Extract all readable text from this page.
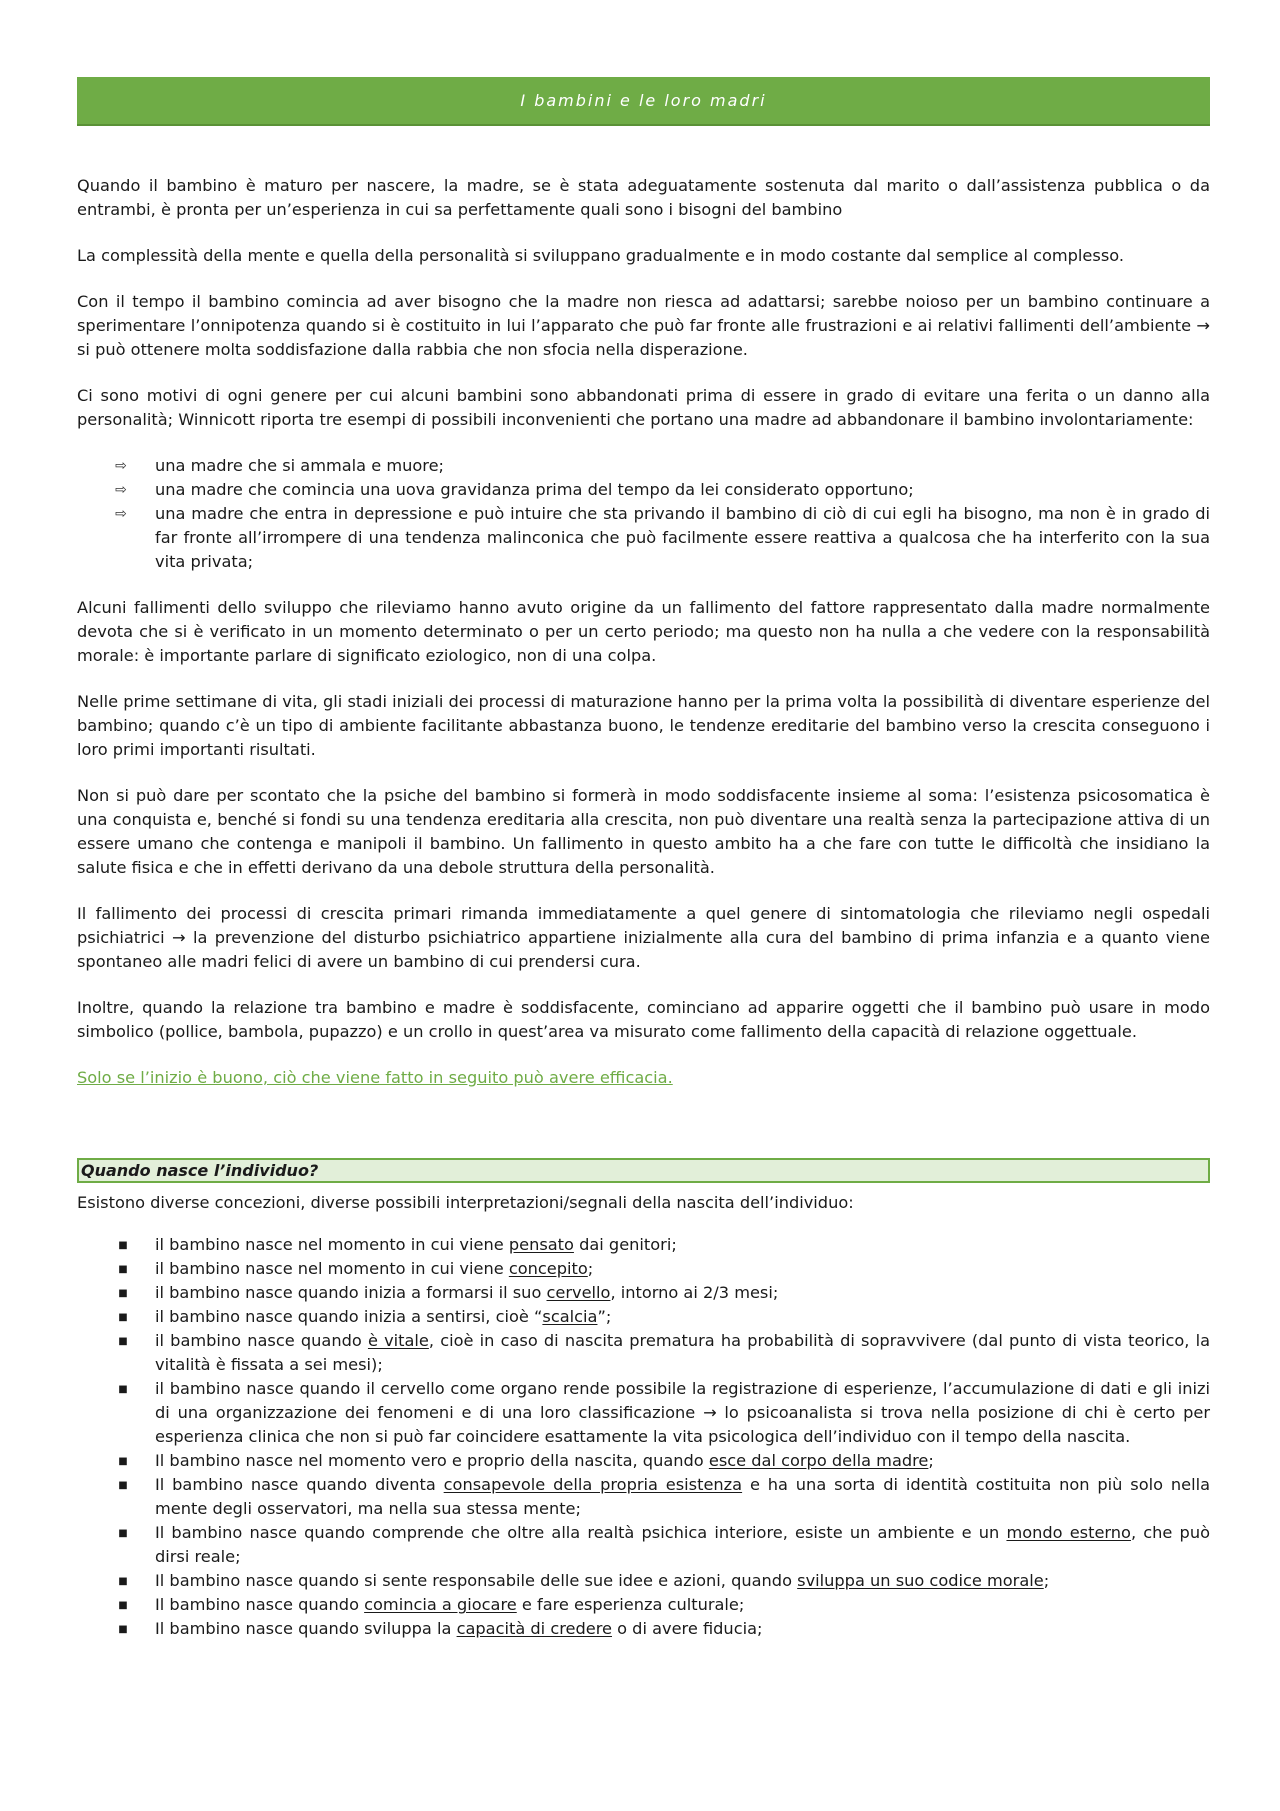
I bambini e le loro madri

Quando il bambino è maturo per nascere, la madre, se è stata adeguatamente sostenuta dal marito o dall’assistenza pubblica o da entrambi, è pronta per un’esperienza in cui sa perfettamente quali sono i bisogni del bambino

La complessità della mente e quella della personalità si sviluppano gradualmente e in modo costante dal semplice al complesso.

Con il tempo il bambino comincia ad aver bisogno che la madre non riesca ad adattarsi; sarebbe noioso per un bambino continuare a sperimentare l’onnipotenza quando si è costituito in lui l’apparato che può far fronte alle frustrazioni e ai relativi fallimenti dell’ambiente → si può ottenere molta soddisfazione dalla rabbia che non sfocia nella disperazione.

Ci sono motivi di ogni genere per cui alcuni bambini sono abbandonati prima di essere in grado di evitare una ferita o un danno alla personalità; Winnicott riporta tre esempi di possibili inconvenienti che portano una madre ad abbandonare il bambino involontariamente:

⇨ una madre che si ammala e muore;
⇨ una madre che comincia una uova gravidanza prima del tempo da lei considerato opportuno;
⇨ una madre che entra in depressione e può intuire che sta privando il bambino di ciò di cui egli ha bisogno, ma non è in grado di far fronte all’irrompere di una tendenza malinconica che può facilmente essere reattiva a qualcosa che ha interferito con la sua vita privata;

Alcuni fallimenti dello sviluppo che rileviamo hanno avuto origine da un fallimento del fattore rappresentato dalla madre normalmente devota che si è verificato in un momento determinato o per un certo periodo; ma questo non ha nulla a che vedere con la responsabilità morale: è importante parlare di significato eziologico, non di una colpa.

Nelle prime settimane di vita, gli stadi iniziali dei processi di maturazione hanno per la prima volta la possibilità di diventare esperienze del bambino; quando c’è un tipo di ambiente facilitante abbastanza buono, le tendenze ereditarie del bambino verso la crescita conseguono i loro primi importanti risultati.

Non si può dare per scontato che la psiche del bambino si formerà in modo soddisfacente insieme al soma: l’esistenza psicosomatica è una conquista e, benché si fondi su una tendenza ereditaria alla crescita, non può diventare una realtà senza la partecipazione attiva di un essere umano che contenga e manipoli il bambino. Un fallimento in questo ambito ha a che fare con tutte le difficoltà che insidiano la salute fisica e che in effetti derivano da una debole struttura della personalità.

Il fallimento dei processi di crescita primari rimanda immediatamente a quel genere di sintomatologia che rileviamo negli ospedali psichiatrici → la prevenzione del disturbo psichiatrico appartiene inizialmente alla cura del bambino di prima infanzia e a quanto viene spontaneo alle madri felici di avere un bambino di cui prendersi cura.

Inoltre, quando la relazione tra bambino e madre è soddisfacente, cominciano ad apparire oggetti che il bambino può usare in modo simbolico (pollice, bambola, pupazzo) e un crollo in quest’area va misurato come fallimento della capacità di relazione oggettuale.

Solo se l’inizio è buono, ciò che viene fatto in seguito può avere efficacia.

Quando nasce l’individuo?

Esistono diverse concezioni, diverse possibili interpretazioni/segnali della nascita dell’individuo:

■ il bambino nasce nel momento in cui viene pensato dai genitori;
■ il bambino nasce nel momento in cui viene concepito;
■ il bambino nasce quando inizia a formarsi il suo cervello, intorno ai 2/3 mesi;
■ il bambino nasce quando inizia a sentirsi, cioè “scalcia”;
■ il bambino nasce quando è vitale, cioè in caso di nascita prematura ha probabilità di sopravvivere (dal punto di vista teorico, la vitalità è fissata a sei mesi);
■ il bambino nasce quando il cervello come organo rende possibile la registrazione di esperienze, l’accumulazione di dati e gli inizi di una organizzazione dei fenomeni e di una loro classificazione → lo psicoanalista si trova nella posizione di chi è certo per esperienza clinica che non si può far coincidere esattamente la vita psicologica dell’individuo con il tempo della nascita.
■ Il bambino nasce nel momento vero e proprio della nascita, quando esce dal corpo della madre;
■ Il bambino nasce quando diventa consapevole della propria esistenza e ha una sorta di identità costituita non più solo nella mente degli osservatori, ma nella sua stessa mente;
■ Il bambino nasce quando comprende che oltre alla realtà psichica interiore, esiste un ambiente e un mondo esterno, che può dirsi reale;
■ Il bambino nasce quando si sente responsabile delle sue idee e azioni, quando sviluppa un suo codice morale;
■ Il bambino nasce quando comincia a giocare e fare esperienza culturale;
■ Il bambino nasce quando sviluppa la capacità di credere o di avere fiducia;
